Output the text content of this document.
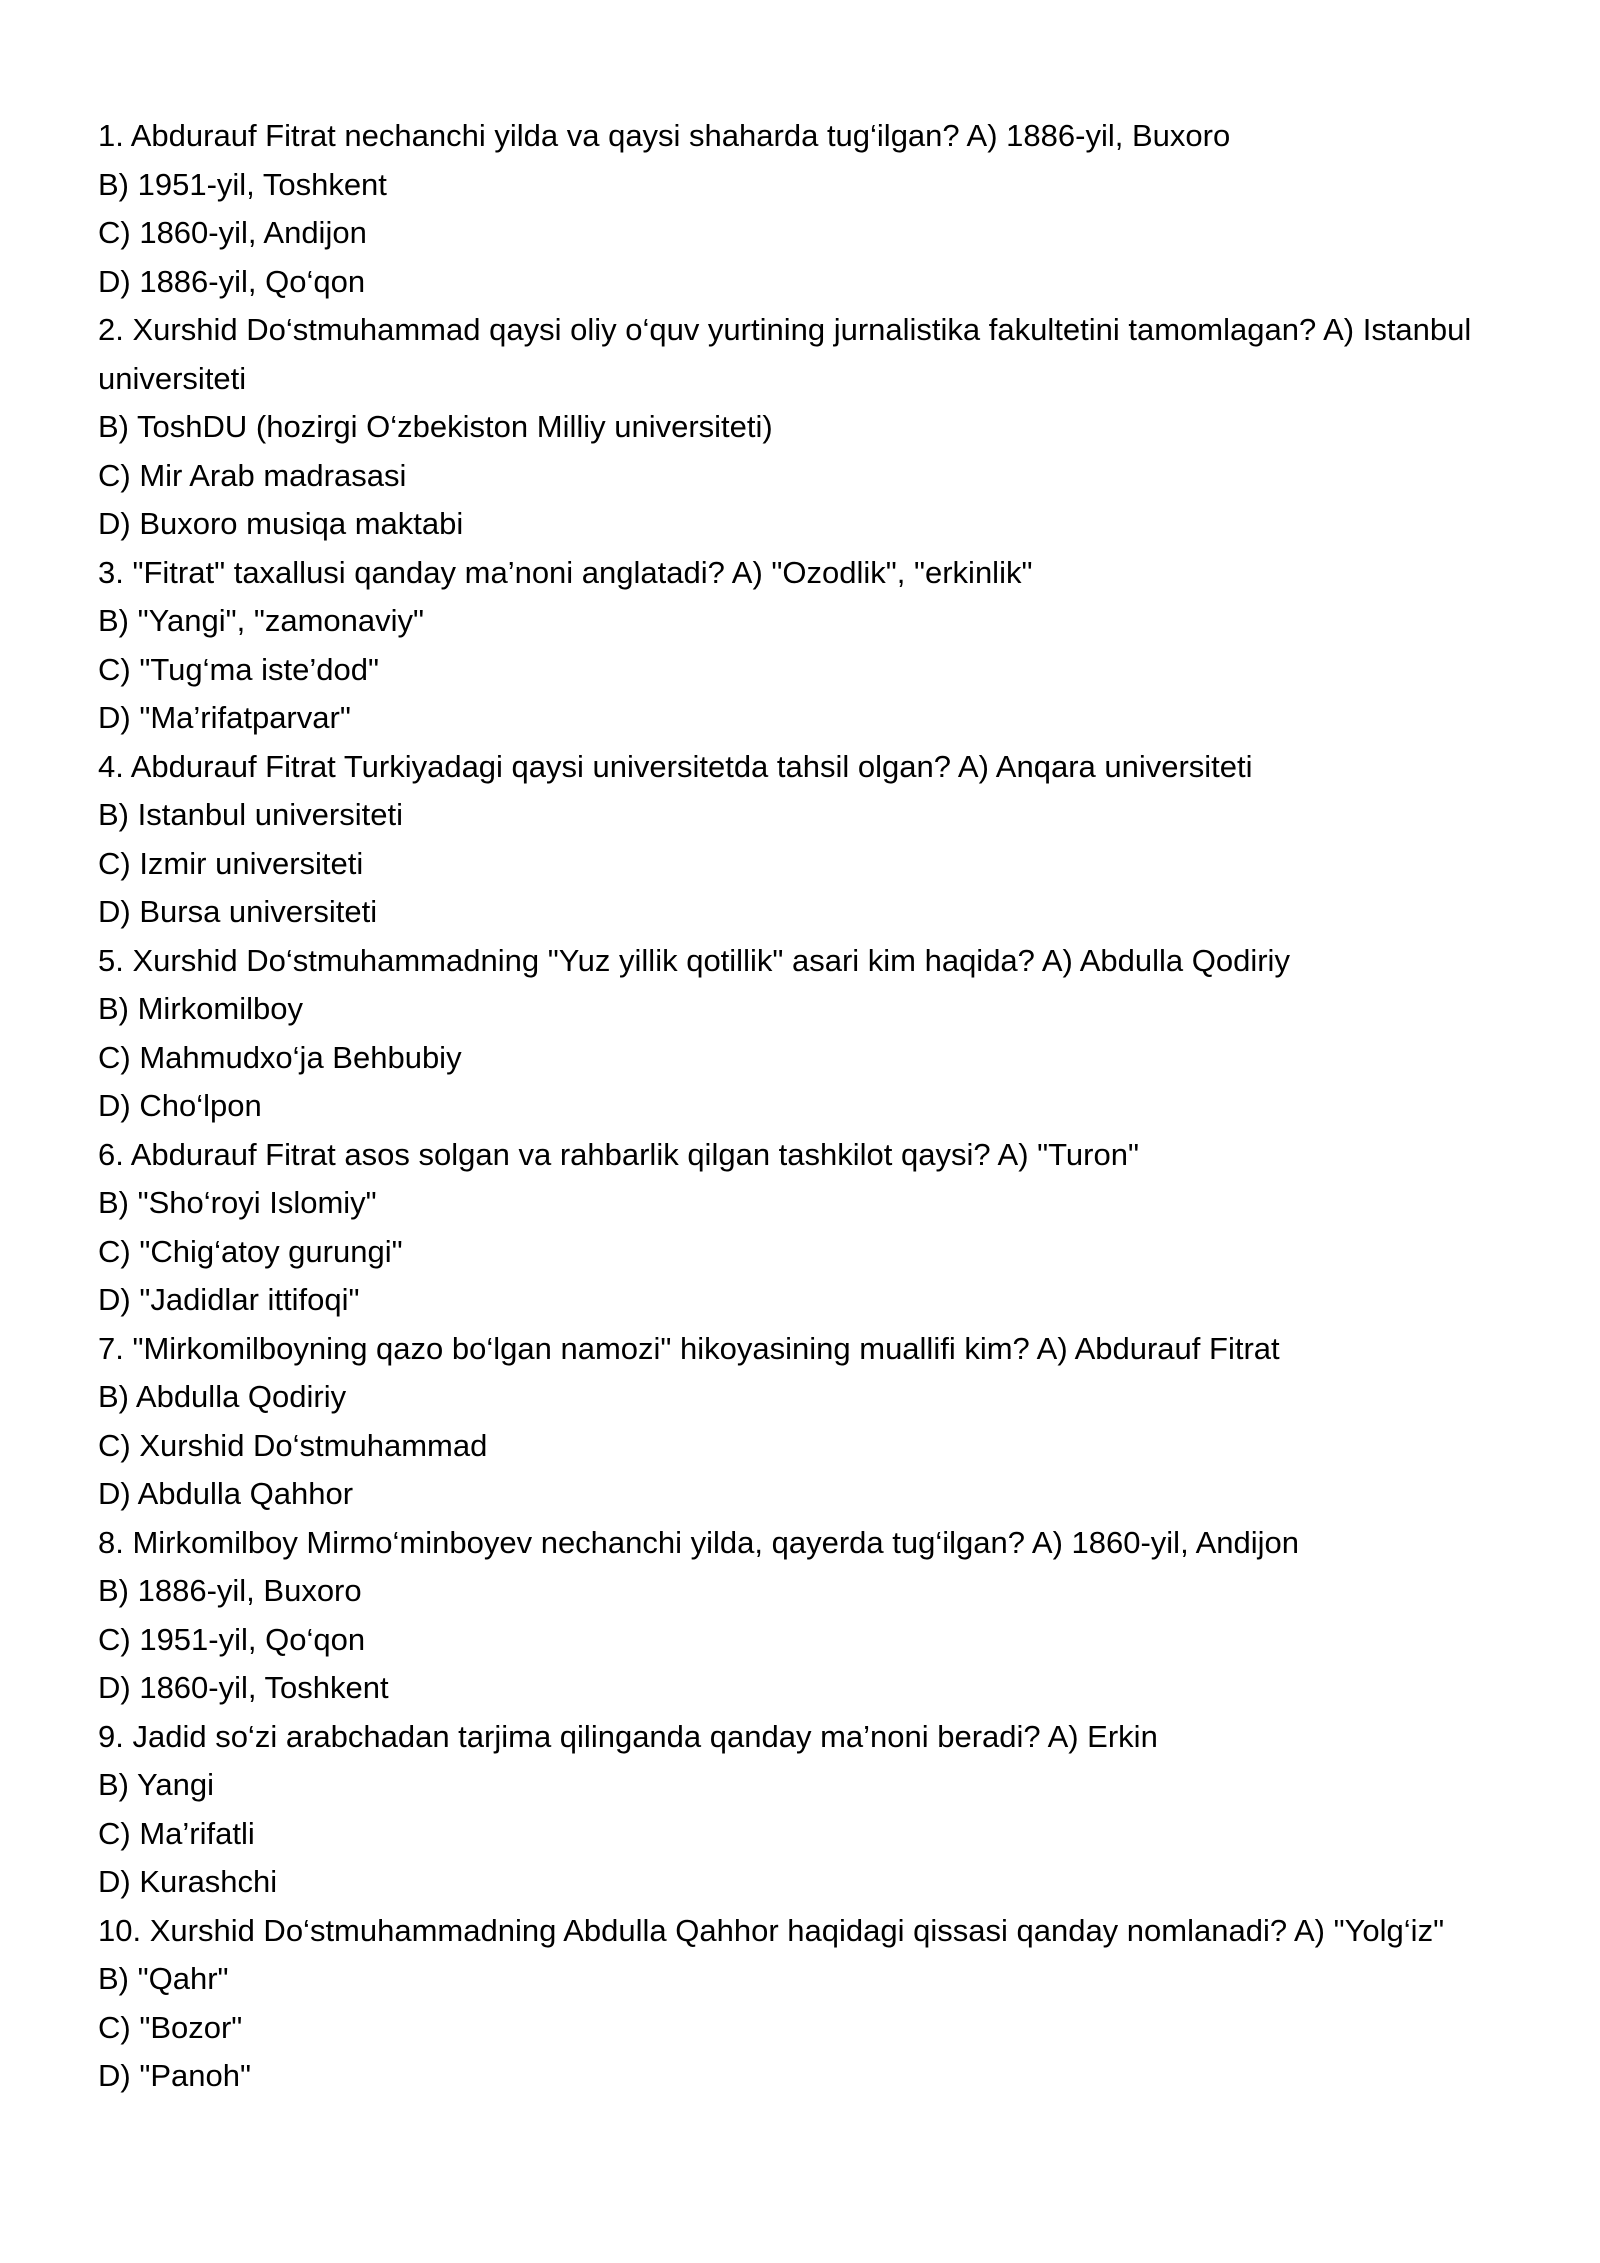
1. Abdurauf Fitrat nechanchi yilda va qaysi shaharda tug‘ilgan? A) 1886-yil, Buxoro

B) 1951-yil, Toshkent

C) 1860-yil, Andijon

D) 1886-yil, Qo‘qon

2. Xurshid Do‘stmuhammad qaysi oliy o‘quv yurtining jurnalistika fakultetini tamomlagan? A) Istanbul universiteti

B) ToshDU (hozirgi O‘zbekiston Milliy universiteti)

C) Mir Arab madrasasi

D) Buxoro musiqa maktabi

3. "Fitrat" taxallusi qanday ma’noni anglatadi? A) "Ozodlik", "erkinlik"

B) "Yangi", "zamonaviy"

C) "Tug‘ma iste’dod"

D) "Ma’rifatparvar"

4. Abdurauf Fitrat Turkiyadagi qaysi universitetda tahsil olgan? A) Anqara universiteti

B) Istanbul universiteti

C) Izmir universiteti

D) Bursa universiteti

5. Xurshid Do‘stmuhammadning "Yuz yillik qotillik" asari kim haqida? A) Abdulla Qodiriy

B) Mirkomilboy

C) Mahmudxo‘ja Behbubiy

D) Cho‘lpon

6. Abdurauf Fitrat asos solgan va rahbarlik qilgan tashkilot qaysi? A) "Turon"

B) "Sho‘royi Islomiy"

C) "Chig‘atoy gurungi"

D) "Jadidlar ittifoqi"

7. "Mirkomilboyning qazo bo‘lgan namozi" hikoyasining muallifi kim? A) Abdurauf Fitrat

B) Abdulla Qodiriy

C) Xurshid Do‘stmuhammad

D) Abdulla Qahhor

8. Mirkomilboy Mirmo‘minboyev nechanchi yilda, qayerda tug‘ilgan? A) 1860-yil, Andijon

B) 1886-yil, Buxoro

C) 1951-yil, Qo‘qon

D) 1860-yil, Toshkent

9. Jadid so‘zi arabchadan tarjima qilinganda qanday ma’noni beradi? A) Erkin

B) Yangi

C) Ma’rifatli

D) Kurashchi

10. Xurshid Do‘stmuhammadning Abdulla Qahhor haqidagi qissasi qanday nomlanadi? A) "Yolg‘iz"

B) "Qahr"

C) "Bozor"

D) "Panoh"
